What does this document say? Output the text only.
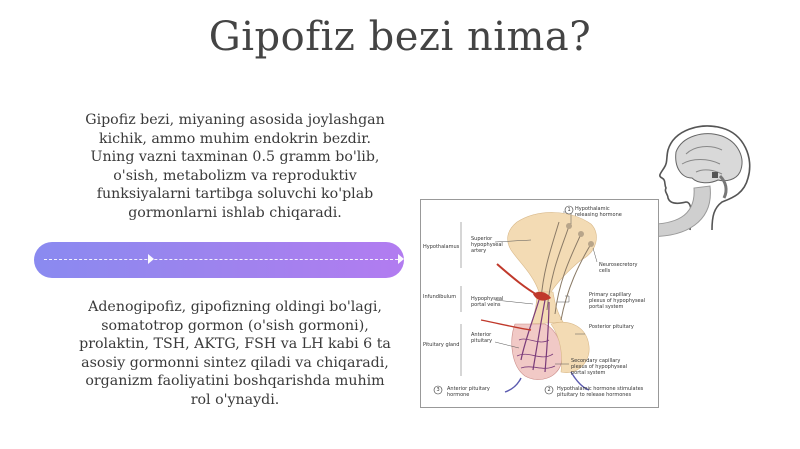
Gipofiz bezi nima?
Gipofiz bezi, miyaning asosida joylashgan
kichik, ammo muhim endokrin bezdir.
Uning vazni taxminan 0.5 gramm bo'lib,
o'sish, metabolizm va reproduktiv
funksiyalarni tartibga soluvchi ko'plab
gormonlarni ishlab chiqaradi.
Adenogipofiz, gipofizning oldingi bo'lagi,
somatotrop gormon (o'sish gormoni),
prolaktin, TSH, AKTG, FSH va LH kabi 6 ta
asosiy gormonni sintez qiladi va chiqaradi,
organizm faoliyatini boshqarishda muhim
rol o'ynaydi.
Hypothalamus
Infundibulum
Pituitary gland
Superior
hypophyseal
artery
Hypophyseal
portal veins
Anterior
pituitary
Hypothalamic
releasing hormone
Neurosecretory
cells
Primary capillary
plexus of hypophyseal
portal system
Posterior pituitary
Secondary capillary
plexus of hypophyseal
portal system
Anterior pituitary
hormone
Hypothalamic hormone stimulates
pituitary to release hormones
1
2
3
